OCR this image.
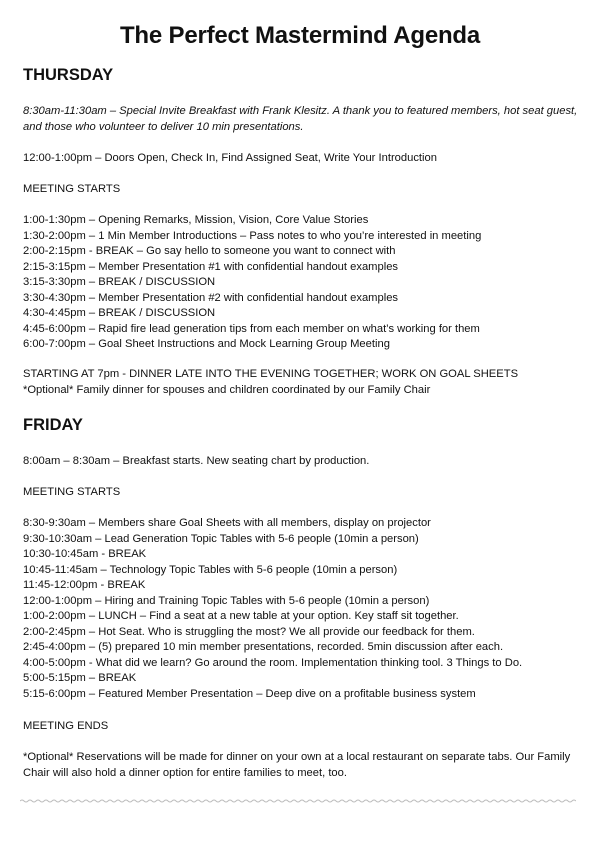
The Perfect Mastermind Agenda
THURSDAY

8:30am-11:30am – Special Invite Breakfast with Frank Klesitz. A thank you to featured members, hot seat guest, and those who volunteer to deliver 10 min presentations.

12:00-1:00pm – Doors Open, Check In, Find Assigned Seat, Write Your Introduction

MEETING STARTS

1:00-1:30pm – Opening Remarks, Mission, Vision, Core Value Stories
1:30-2:00pm – 1 Min Member Introductions – Pass notes to who you’re interested in meeting
2:00-2:15pm - BREAK – Go say hello to someone you want to connect with
2:15-3:15pm – Member Presentation #1 with confidential handout examples
3:15-3:30pm – BREAK / DISCUSSION
3:30-4:30pm – Member Presentation #2 with confidential handout examples
4:30-4:45pm – BREAK / DISCUSSION
4:45-6:00pm – Rapid fire lead generation tips from each member on what’s working for them
6:00-7:00pm – Goal Sheet Instructions and Mock Learning Group Meeting
STARTING AT 7pm - DINNER LATE INTO THE EVENING TOGETHER; WORK ON GOAL SHEETS
*Optional* Family dinner for spouses and children coordinated by our Family Chair
FRIDAY

8:00am – 8:30am – Breakfast starts. New seating chart by production.

MEETING STARTS

8:30-9:30am – Members share Goal Sheets with all members, display on projector
9:30-10:30am – Lead Generation Topic Tables with 5-6 people (10min a person)
10:30-10:45am - BREAK
10:45-11:45am – Technology Topic Tables with 5-6 people (10min a person)
11:45-12:00pm - BREAK
12:00-1:00pm – Hiring and Training Topic Tables with 5-6 people (10min a person)
1:00-2:00pm – LUNCH – Find a seat at a new table at your option. Key staff sit together.
2:00-2:45pm – Hot Seat. Who is struggling the most? We all provide our feedback for them.
2:45-4:00pm – (5) prepared 10 min member presentations, recorded. 5min discussion after each.
4:00-5:00pm - What did we learn? Go around the room. Implementation thinking tool. 3 Things to Do.
5:00-5:15pm – BREAK
5:15-6:00pm – Featured Member Presentation – Deep dive on a profitable business system

MEETING ENDS

*Optional* Reservations will be made for dinner on your own at a local restaurant on separate tabs. Our Family Chair will also hold a dinner option for entire families to meet, too.
